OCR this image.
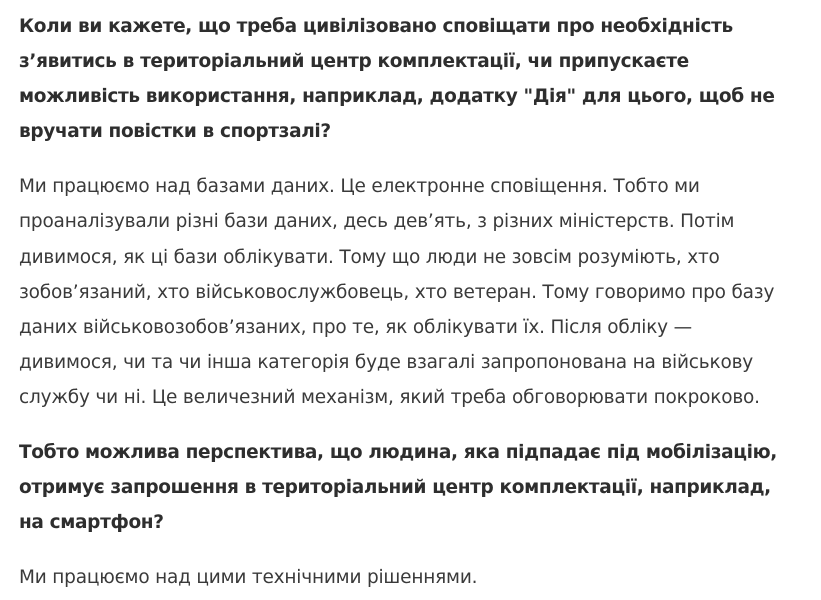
Коли ви кажете, що треба цивілізовано сповіщати про необхідність
з’явитись в територіальний центр комплектації, чи припускаєте
можливість використання, наприклад, додатку "Дія" для цього, щоб не
вручати повістки в спортзалі?

Ми працюємо над базами даних. Це електронне сповіщення. Тобто ми
проаналізували різні бази даних, десь дев’ять, з різних міністерств. Потім
дивимося, як ці бази облікувати. Тому що люди не зовсім розуміють, хто
зобов’язаний, хто військовослужбовець, хто ветеран. Тому говоримо про базу
даних військовозобов’язаних, про те, як облікувати їх. Після обліку —
дивимося, чи та чи інша категорія буде взагалі запропонована на військову
службу чи ні. Це величезний механізм, який треба обговорювати покроково.

Тобто можлива перспектива, що людина, яка підпадає під мобілізацію,
отримує запрошення в територіальний центр комплектації, наприклад,
на смартфон?

Ми працюємо над цими технічними рішеннями.
